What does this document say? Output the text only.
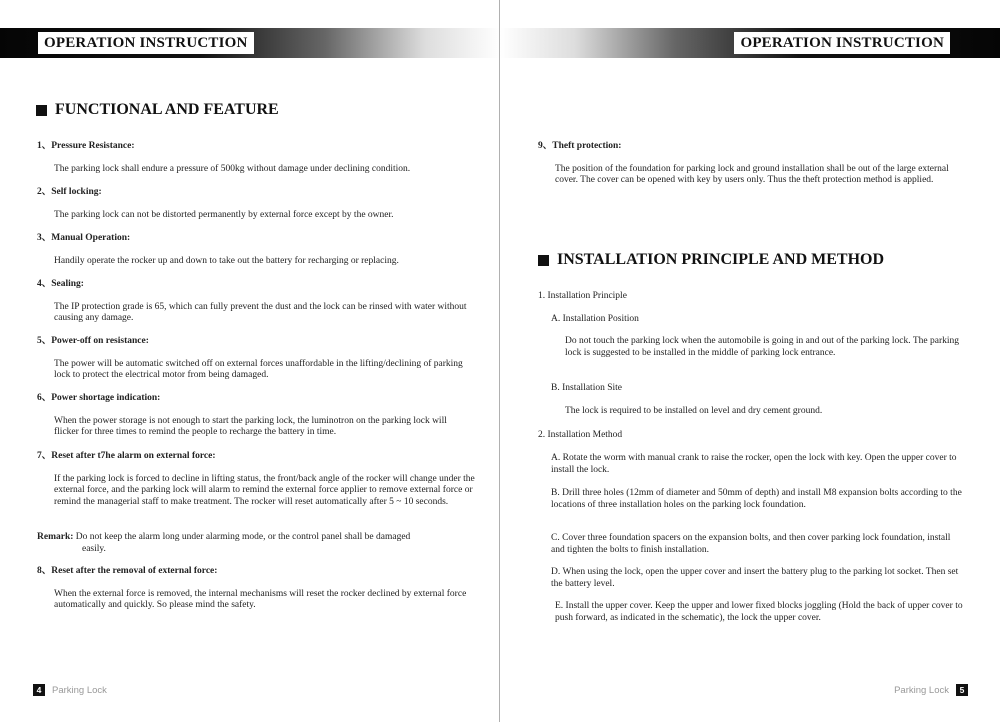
OPERATION INSTRUCTION
FUNCTIONAL AND FEATURE
1、Pressure Resistance:
The parking lock shall endure a pressure of 500kg without damage under declining condition.
2、Self locking:
The parking lock can not be distorted permanently by external force except by the owner.
3、Manual Operation:
Handily operate the rocker up and down to take out the battery for recharging or replacing.
4、Sealing:
The IP protection grade is 65, which can fully prevent the dust and the lock can be rinsed with water without causing any damage.
5、Power-off on resistance:
The power will be automatic switched off on external forces unaffordable in the lifting/declining of parking lock to protect the electrical motor from being damaged.
6、Power shortage indication:
When the power storage is not enough to start the parking lock, the luminotron on the parking lock will flicker for three times to remind the people to recharge the battery in time.
7、Reset after t7he alarm on external force:
If the parking lock is forced to decline in lifting status, the front/back angle of the rocker will change under the external force, and the parking lock will alarm to remind the external force applier to remove external force or remind the managerial staff to make treatment. The rocker will reset automatically after 5 ~ 10 seconds.
Remark: Do not keep the alarm long under alarming mode, or the control panel shall be damaged
easily.
8、Reset after the removal of external force:
When the external force is removed, the internal mechanisms will reset the rocker declined by external force automatically and quickly. So please mind the safety.
4	Parking Lock
OPERATION INSTRUCTION
9、Theft protection:
The position of the foundation for parking lock and ground installation shall be out of the large external cover. The cover can be opened with key by users only. Thus the theft protection method is applied.
INSTALLATION PRINCIPLE AND METHOD
1. Installation Principle
A. Installation Position
Do not touch the parking lock when the automobile is going in and out of the parking lock. The parking lock is suggested to be installed in the middle of parking lock entrance.
B. Installation Site
The lock is required to be installed on level and dry cement ground.
2. Installation Method
A. Rotate the worm with manual crank to raise the rocker, open the lock with key. Open the upper cover to install the lock.
B. Drill three holes (12mm of diameter and 50mm of depth) and install M8 expansion bolts according to the locations of three installation holes on the parking lock foundation.
C. Cover three foundation spacers on the expansion bolts, and then cover parking lock foundation, install and tighten the bolts to finish installation.
D. When using the lock, open the upper cover and insert the battery plug to the parking lot socket. Then set the battery level.
E. Install the upper cover. Keep the upper and lower fixed blocks joggling (Hold the back of upper cover to push forward, as indicated in the schematic), the lock the upper cover.
Parking Lock	5
